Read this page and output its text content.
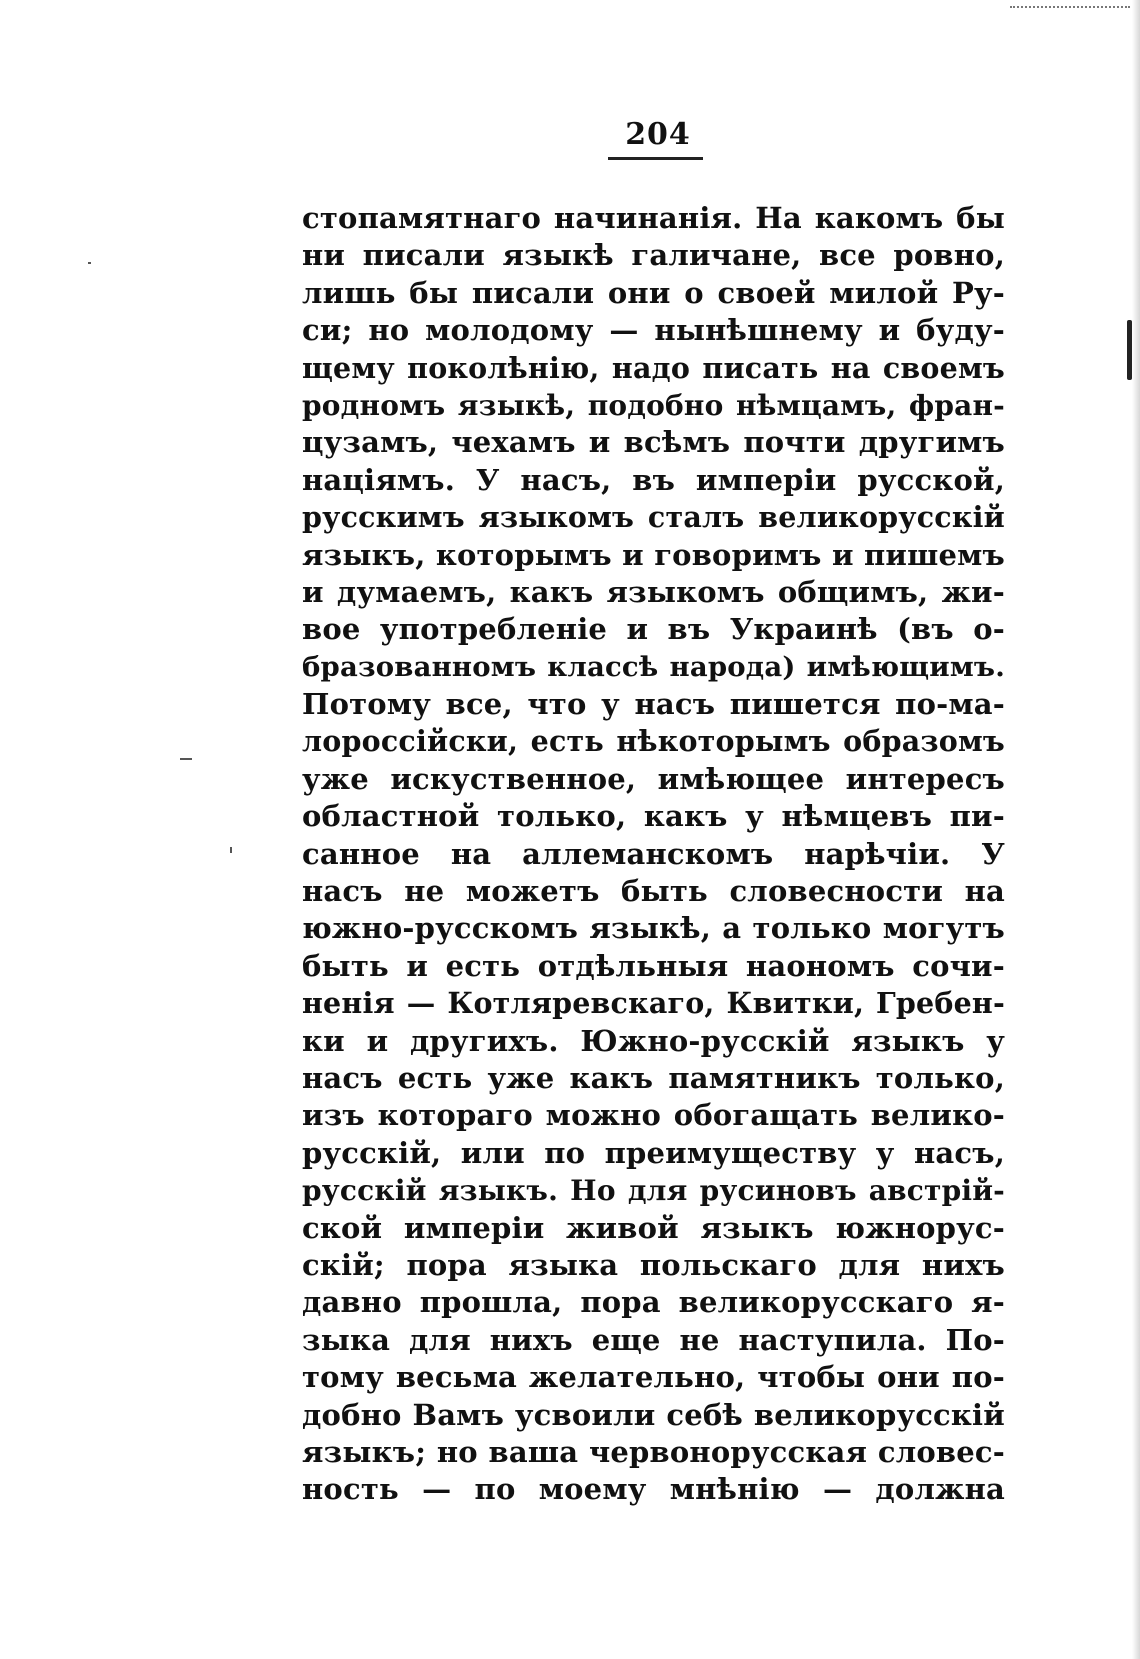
204
стопамятнаго начинанія. На какомъ бы
ни писали языкѣ галичане, все ровно,
лишь бы писали они о своей милой Ру-
си; но молодому — нынѣшнему и буду-
щему поколѣнію, надо писать на своемъ
родномъ языкѣ, подобно нѣмцамъ, фран-
цузамъ, чехамъ и всѣмъ почти другимъ
націямъ. У насъ, въ имперіи русской,
русскимъ языкомъ сталъ великорусскій
языкъ, которымъ и говоримъ и пишемъ
и думаемъ, какъ языкомъ общимъ, жи-
вое употребленіе и въ Украинѣ (въ о-
бразованномъ классѣ народа) имѣющимъ.
Потому все, что у насъ пишется по-ма-
лороссійски, есть нѣкоторымъ образомъ
уже искуственное, имѣющее интересъ
областной только, какъ у нѣмцевъ пи-
санное на аллеманскомъ нарѣчіи. У
насъ не можетъ быть словесности на
южно-русскомъ языкѣ, а только могутъ
быть и есть отдѣльныя наономъ сочи-
ненія — Котляревскаго, Квитки, Гребен-
ки и другихъ. Южно-русскій языкъ у
насъ есть уже какъ памятникъ только,
изъ котораго можно обогащать велико-
русскій, или по преимуществу у насъ,
русскій языкъ. Но для русиновъ австрій-
ской имперіи живой языкъ южнорус-
скій; пора языка польскаго для нихъ
давно прошла, пора великорусскаго я-
зыка для нихъ еще не наступила. По-
тому весьма желательно, чтобы они по-
добно Вамъ усвоили себѣ великорусскій
языкъ; но ваша червонорусская словес-
ность — по моему мнѣнію — должна
